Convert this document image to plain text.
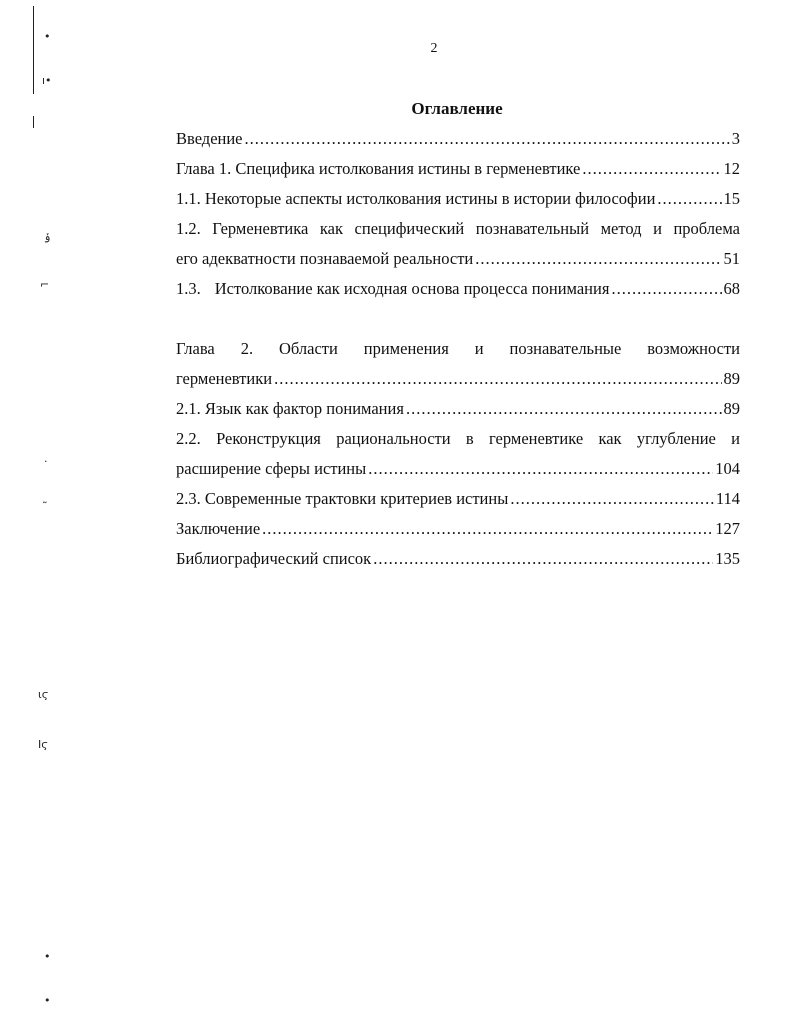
•
ı•
ݸ
⌐
·
˜
ιϛ
Ιϛ
•
•
2
Оглавление
Введение .....	3
Глава 1. Специфика истолкования истины в герменевтике .....	12
1.1. Некоторые аспекты истолкования истины в истории философии .....	15
1.2. Герменевтика как специфический познавательный метод и проблема
его адекватности познаваемой реальности .....	51
1.3. Истолкование как исходная основа процесса понимания .....	68
Глава 2. Области применения и познавательные возможности
герменевтики .....	89
2.1. Язык как фактор понимания .....	89
2.2. Реконструкция рациональности в герменевтике как углубление и
расширение сферы истины .....	104
2.3. Современные трактовки критериев истины .....	114
Заключение .....	127
Библиографический список .....	135
